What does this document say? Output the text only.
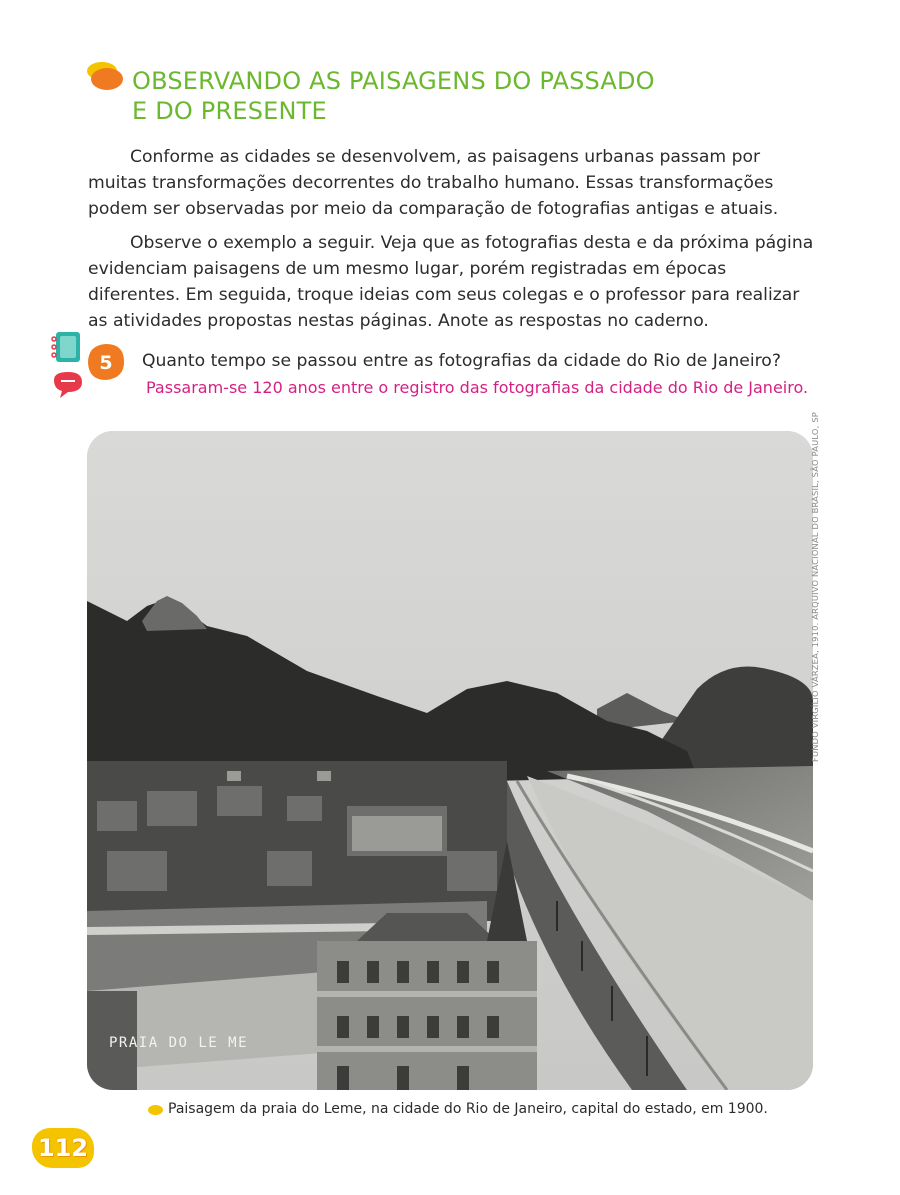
OBSERVANDO AS PAISAGENS DO PASSADO
E DO PRESENTE

Conforme as cidades se desenvolvem, as paisagens urbanas passam por muitas transformações decorrentes do trabalho humano. Essas transformações podem ser observadas por meio da comparação de fotografias antigas e atuais.

Observe o exemplo a seguir. Veja que as fotografias desta e da próxima página evidenciam paisagens de um mesmo lugar, porém registradas em épocas diferentes. Em seguida, troque ideias com seus colegas e o professor para realizar as atividades propostas nestas páginas. Anote as respostas no caderno.

5 Quanto tempo se passou entre as fotografias da cidade do Rio de Janeiro?
Passaram-se 120 anos entre o registro das fotografias da cidade do Rio de Janeiro.
PRAIA DO LE ME
FUNDO VIRGÍLIO VÁRZEA, 1910. ARQUIVO NACIONAL DO BRASIL, SÃO PAULO, SP
Paisagem da praia do Leme, na cidade do Rio de Janeiro, capital do estado, em 1900.
112
